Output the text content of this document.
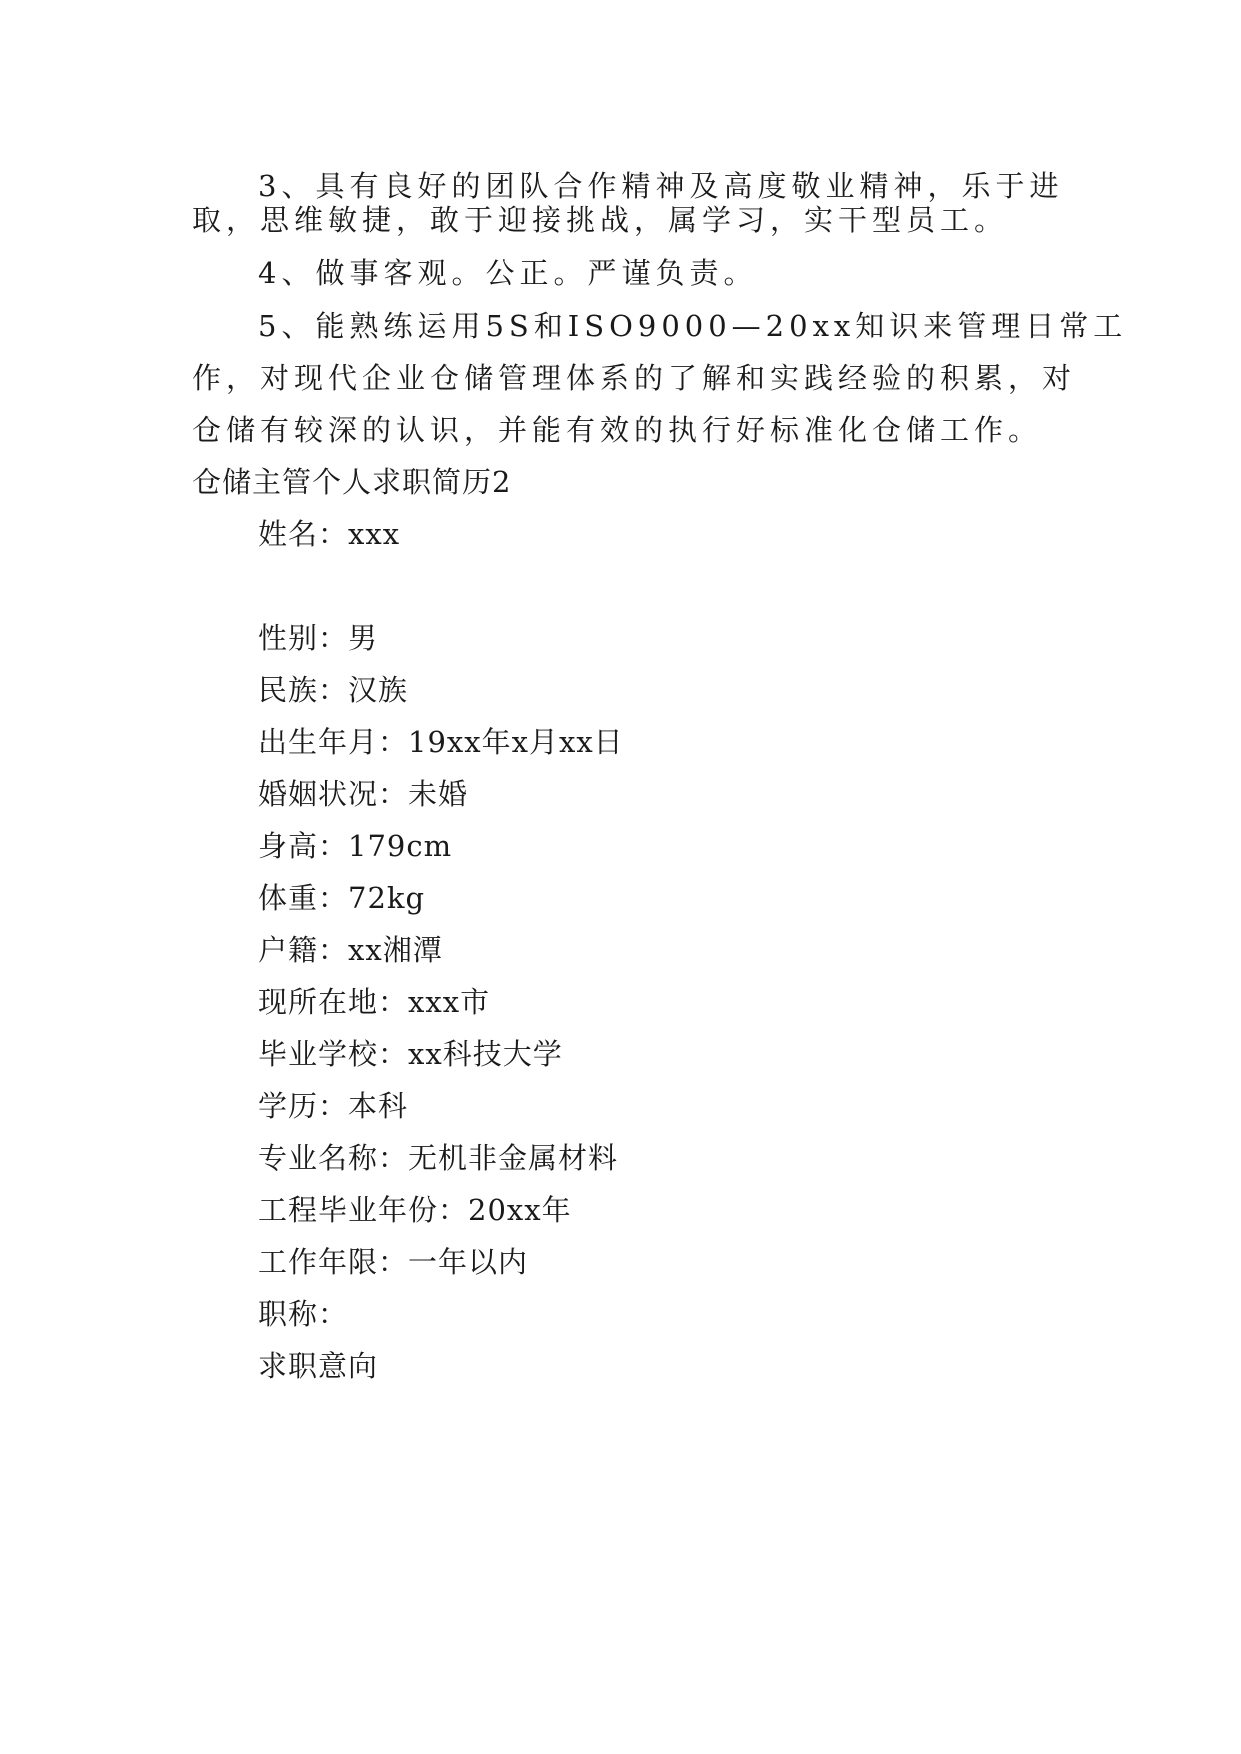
3、具有良好的团队合作精神及高度敬业精神，乐于进
取，思维敏捷，敢于迎接挑战，属学习，实干型员工。
4、做事客观。公正。严谨负责。
5、能熟练运用5S和ISO9000—20xx知识来管理日常工
作，对现代企业仓储管理体系的了解和实践经验的积累，对
仓储有较深的认识，并能有效的执行好标准化仓储工作。
仓储主管个人求职简历2
姓名：xxx
性别：男
民族：汉族
出生年月：19xx年x月xx日
婚姻状况：未婚
身高：179cm
体重：72kg
户籍：xx湘潭
现所在地：xxx市
毕业学校：xx科技大学
学历：本科
专业名称：无机非金属材料
工程毕业年份：20xx年
工作年限：一年以内
职称：
求职意向
